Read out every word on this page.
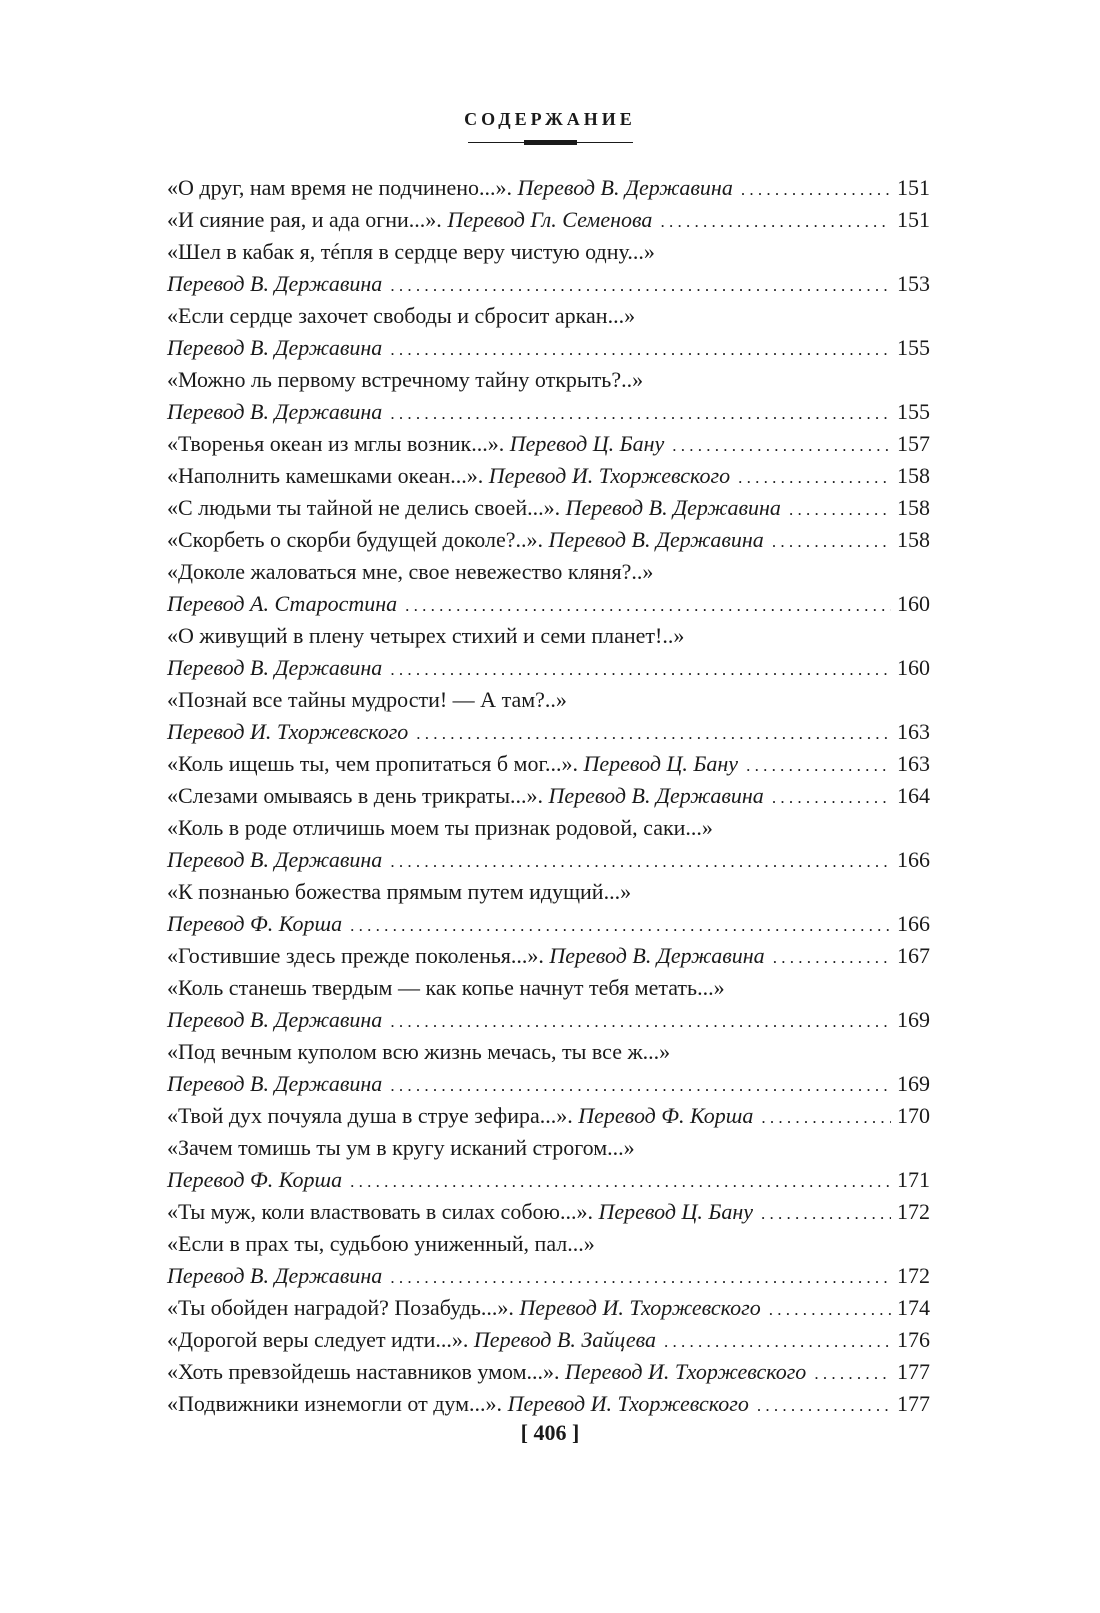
СОДЕРЖАНИЕ
«О друг, нам время не подчинено...».
Перевод В. Державина . . .	151
«И сияние рая, и ада огни...».
Перевод Гл. Семенова . . .	151
«Шел в кабак я, тéпля в сердце веру чистую одну...»
Перевод В. Державина . . .	153
«Если сердце захочет свободы и сбросит аркан...»
Перевод В. Державина . . .	155
«Можно ль первому встречному тайну открыть?..»
Перевод В. Державина . . .	155
«Творенья океан из мглы возник...».
Перевод Ц. Бану . . .	157
«Наполнить камешками океан...».
Перевод И. Тхоржевского . . .	158
«С людьми ты тайной не делись своей...».
Перевод В. Державина . . .	158
«Скорбеть о скорби будущей доколе?..».
Перевод В. Державина . . .	158
«Доколе жаловаться мне, свое невежество кляня?..»
Перевод А. Старостина . . .	160
«О живущий в плену четырех стихий и семи планет!..»
Перевод В. Державина . . .	160
«Познай все тайны мудрости! — А там?..»
Перевод И. Тхоржевского . . .	163
«Коль ищешь ты, чем пропитаться б мог...».
Перевод Ц. Бану . . .	163
«Слезами омываясь в день трикраты...».
Перевод В. Державина . . .	164
«Коль в роде отличишь моем ты признак родовой, саки...»
Перевод В. Державина . . .	166
«К познанью божества прямым путем идущий...»
Перевод Ф. Корша . . .	166
«Гостившие здесь прежде поколенья...».
Перевод В. Державина . . .	167
«Коль станешь твердым — как копье начнут тебя метать...»
Перевод В. Державина . . .	169
«Под вечным куполом всю жизнь мечась, ты все ж...»
Перевод В. Державина . . .	169
«Твой дух почуяла душа в струе зефира...».
Перевод Ф. Корша . . .	170
«Зачем томишь ты ум в кругу исканий строгом...»
Перевод Ф. Корша . . .	171
«Ты муж, коли властвовать в силах собою...».
Перевод Ц. Бану . . .	172
«Если в прах ты, судьбою униженный, пал...»
Перевод В. Державина . . .	172
«Ты обойден наградой? Позабудь...».
Перевод И. Тхоржевского . . .	174
«Дорогой веры следует идти...».
Перевод В. Зайцева . . .	176
«Хоть превзойдешь наставников умом...».
Перевод И. Тхоржевского . . .	177
«Подвижники изнемогли от дум...».
Перевод И. Тхоржевского . . .	177
[ 406 ]
